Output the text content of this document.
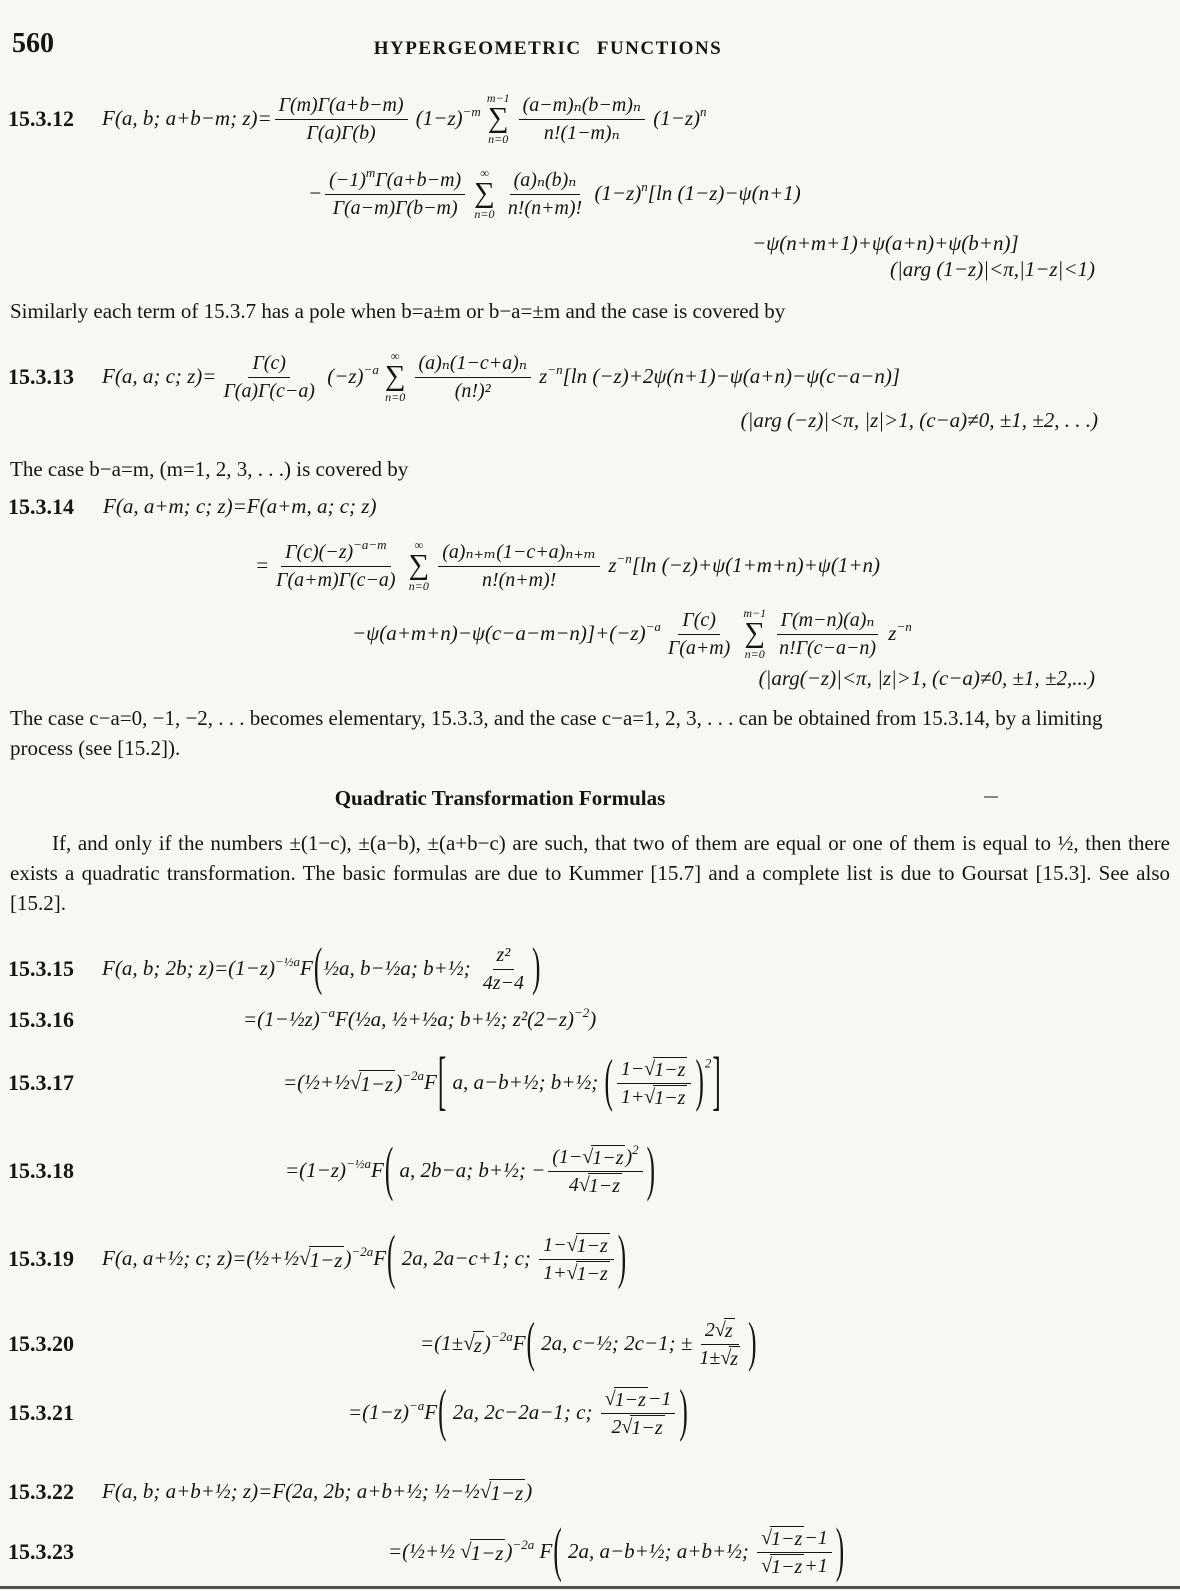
560	HYPERGEOMETRIC FUNCTIONS
15.3.12 F(a, b; a+b−m; $z)= \frac{\Gamma(m)\Gamma(a+b-m)}{\Gamma(a)\Gamma(b)} (1-z) -m$
m−1
∑
n=0
(a−m)ₙ(b−m)ₙ
n!(1−m)ₙ
(1−z) n
− $\frac{\text{(−1) m Γ(a+b−m)}}{\Gamma(a-m)\Gamma(b-m)}$ ∞
∑
n=0
(a)ₙ(b)ₙ
n!(n+m)!
(1−z) n [ln (1−z)−ψ(n+1)
−ψ(n+m+1)+ψ(a+n)+ψ(b+n)]
(|arg (1−z)|<π,|1−z|<1)
Similarly each term of 15.3.7 has a pole when b=a±m or b−a=±m and the case is covered by
15.3.13 F(a, a; c; $z)= \frac{\Gamma(c)}{\Gamma(a)\Gamma(c-a)} (-z) -a$
∞
∑
n=0
(a)ₙ(1−c+a)ₙ
(n!)²
z −n [ln (−z)+2ψ(n+1)−ψ(a+n)−ψ(c−a−n)]
(|arg (−z)|<π, |z|>1, (c−a)≠0, ±1, ±2, . . .)
The case b−a=m, (m=1, 2, 3, . . .) is covered by
15.3.14 F(a, a+m; c; z)=F(a+m, a; c; z)
= $\frac{\Gamma(c)(-z) -a-m}{\Gamma(a+m)\Gamma(c-a)}$ ∞
∑
n=0
(a)ₙ₊ₘ(1−c+a)ₙ₊ₘ
n!(n+m)!
z −n [ln (−z)+ψ(1+m+n)+ψ(1+n)
−ψ(a+m+n)−ψ(c−a−m−n)]+(−z) −a Γ(c)
Γ(a+m)
m−1
∑
n=0
Γ(m−n)(a)ₙ
n!Γ(c−a−n)
z −n
(|arg(−z)|<π, |z|>1, (c−a)≠0, ±1, ±2,...)
The case c−a=0, −1, −2, . . . becomes elementary, 15.3.3, and the case c−a=1, 2, 3, . . . can be obtained from 15.3.14, by a limiting process (see [15.2]).
Quadratic Transformation Formulas
If, and only if the numbers ±(1−c), ±(a−b), ±(a+b−c) are such, that two of them are equal or one of them is equal to ½, then there exists a quadratic transformation. The basic formulas are due to Kummer [15.7] and a complete list is due to Goursat [15.3]. See also [15.2].
15.3.15 F(a, b; 2b; z)=(1−z) −½a F ( ½a, b−½a; b+½;
z²
4z−4 )
15.3.16	=(1−½z) −a F(½a, ½+½a; b+½; z²(2−z) −2 )
15.3.17	=(½+½ √ 1−z ) −2a F [ a, a−b+½; b+½; ( 1− √ 1−z
1+ √ 1−z ) 2 ]
15.3.18	=(1−z) −½a F ( a, 2b−a; b+½; − $\frac{(1- √ 1-z ) 2}{4 √ 1-z}$ )
15.3.19 F(a, a+½; c; z)=(½+½ √ 1−z ) −2a F ( 2a, 2a−c+1; c;
1− √ 1−z
1+ √ 1−z )
15.3.20	=(1± √ z ) −2a F ( 2a, c−½; 2c−1; ± $\frac{2 √ z}{1\pm √ z}$ )
15.3.21	=(1−z) −a F ( 2a, 2c−2a−1; c;
√ 1−z −1
2 √ 1−z )
15.3.22 F(a, b; a+b+½; z)=F(2a, 2b; a+b+½; ½−½ √ 1−z )
15.3.23	=(½+½ √ 1−z ) −2a F ( 2a, a−b+½; a+b+½;
√ 1−z −1
√ 1−z +1 )
